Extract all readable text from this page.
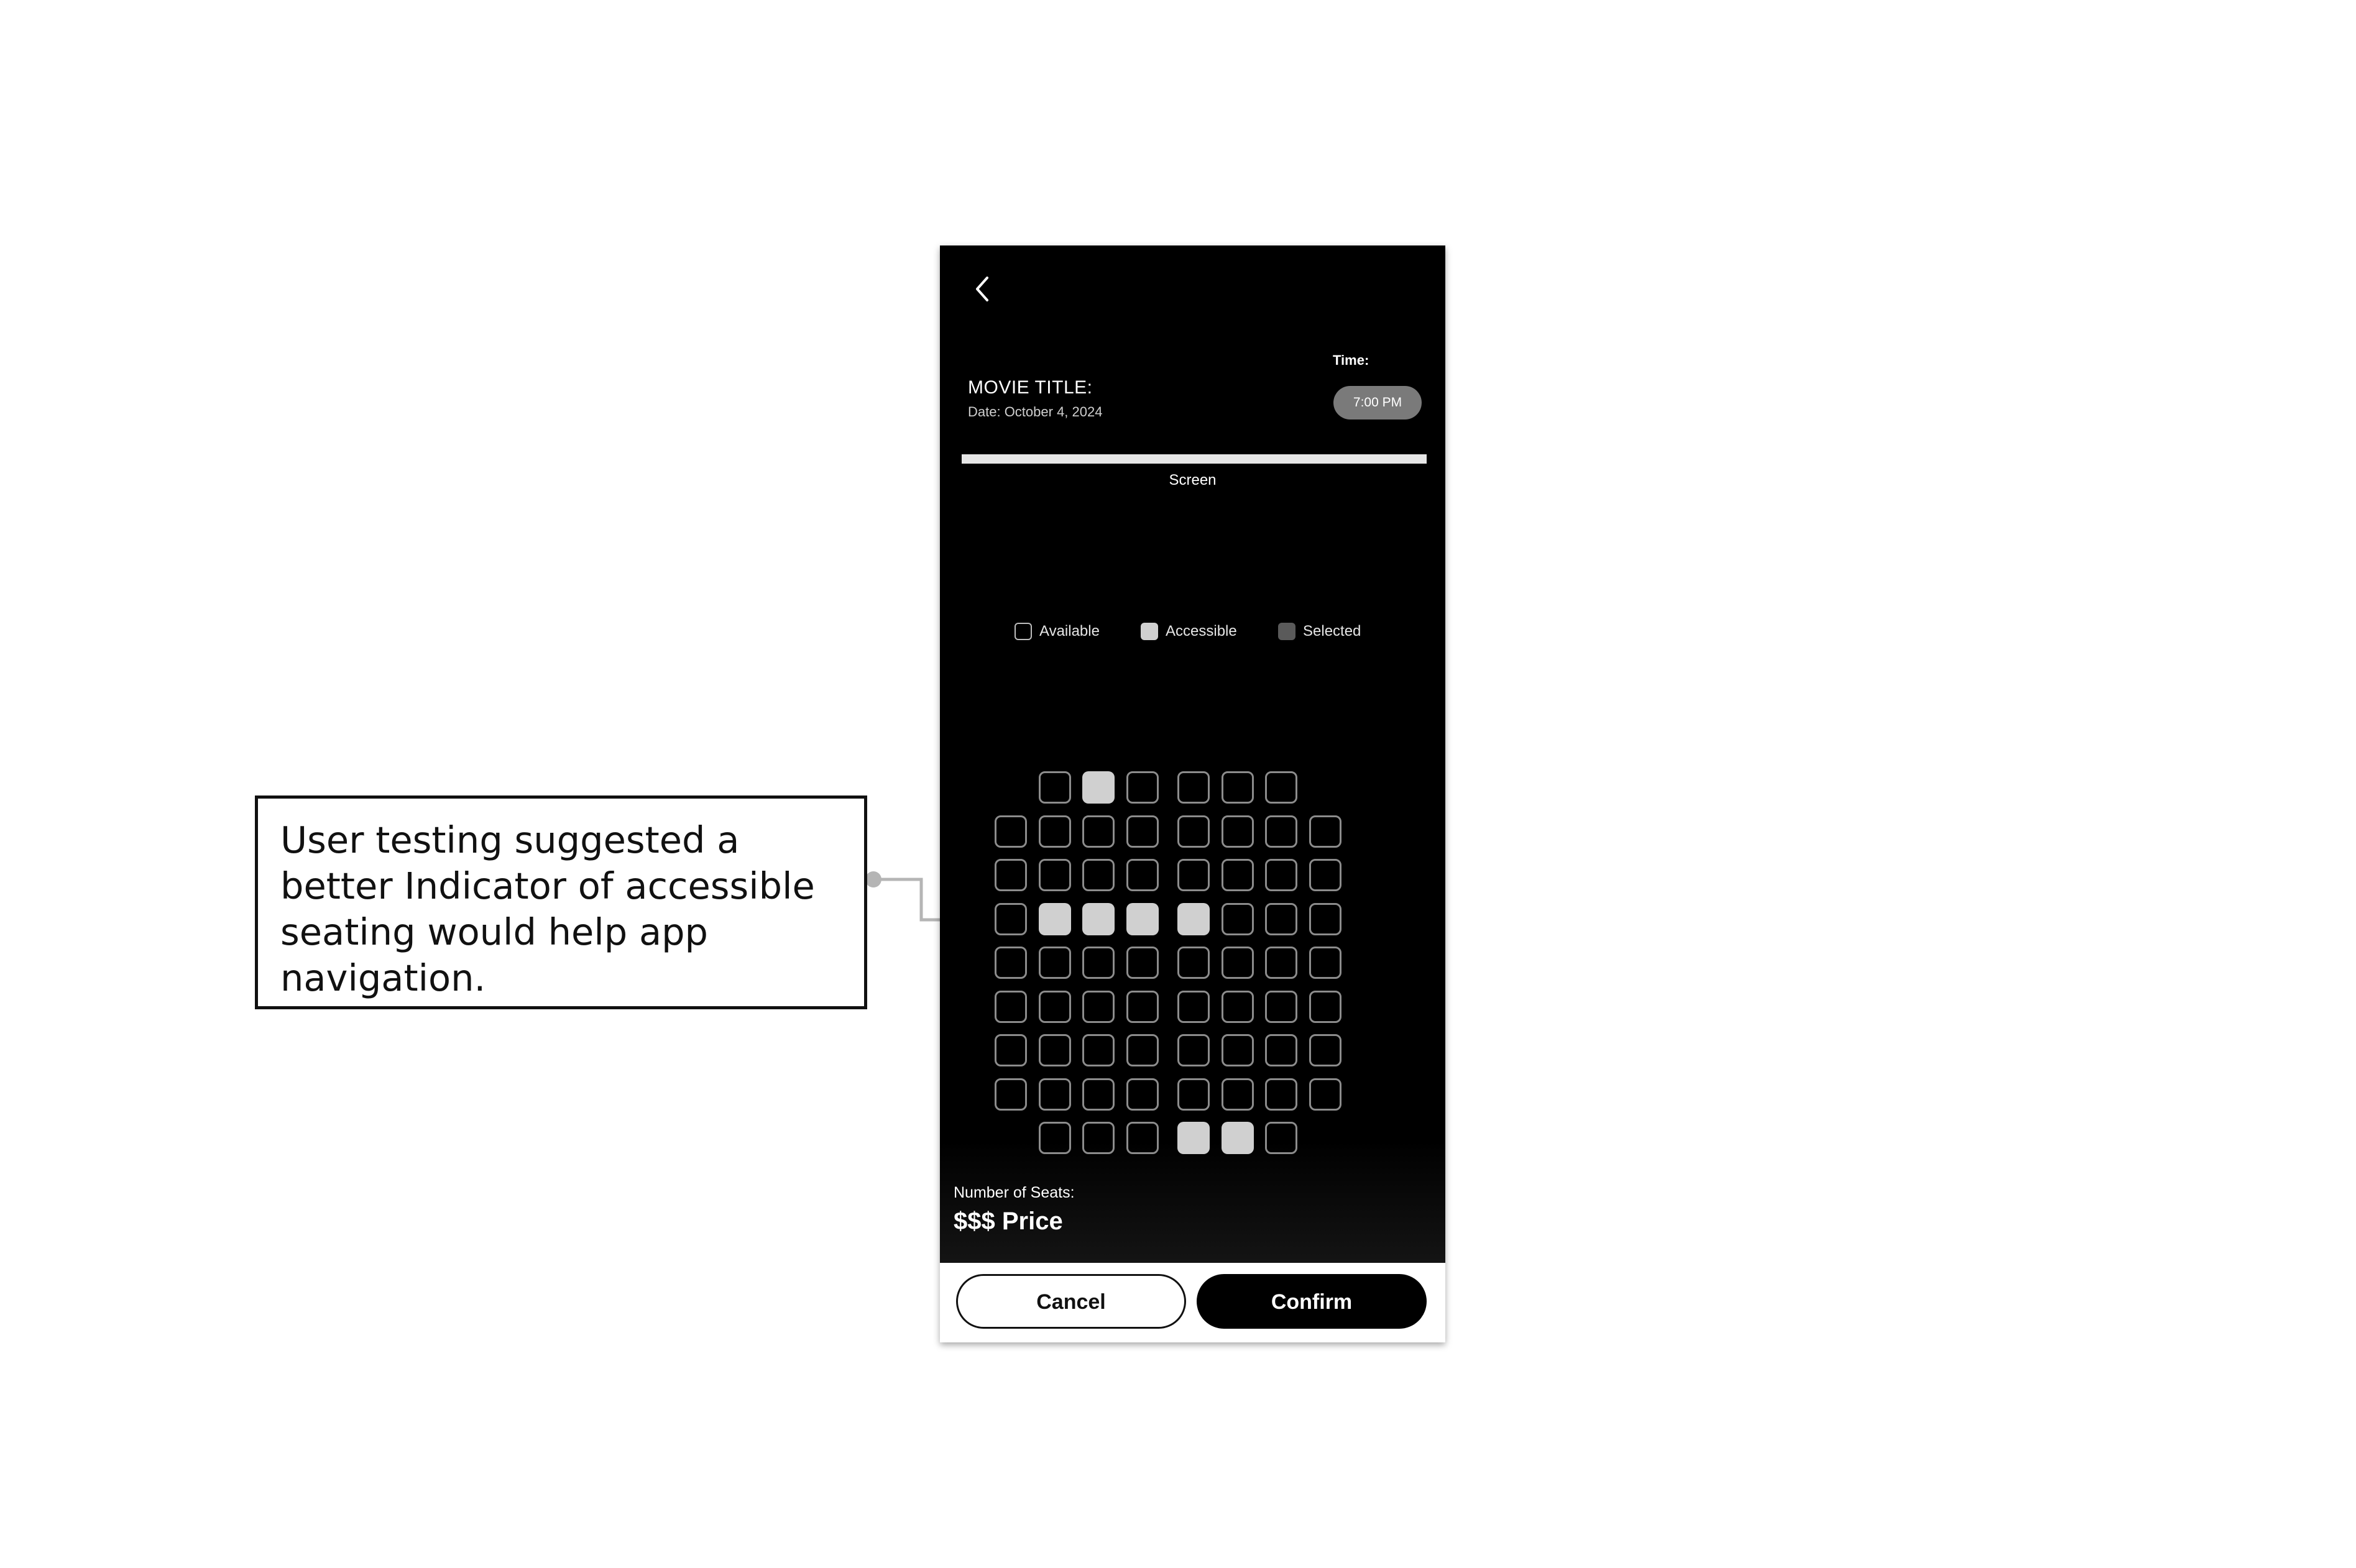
User testing suggested a
better Indicator of accessible
seating would help app
navigation.
MOVIE TITLE:
Date: October 4, 2024
Time:
7:00 PM
Screen
Available	Accessible	Selected
Number of Seats:
$$$ Price
Cancel	Confirm
